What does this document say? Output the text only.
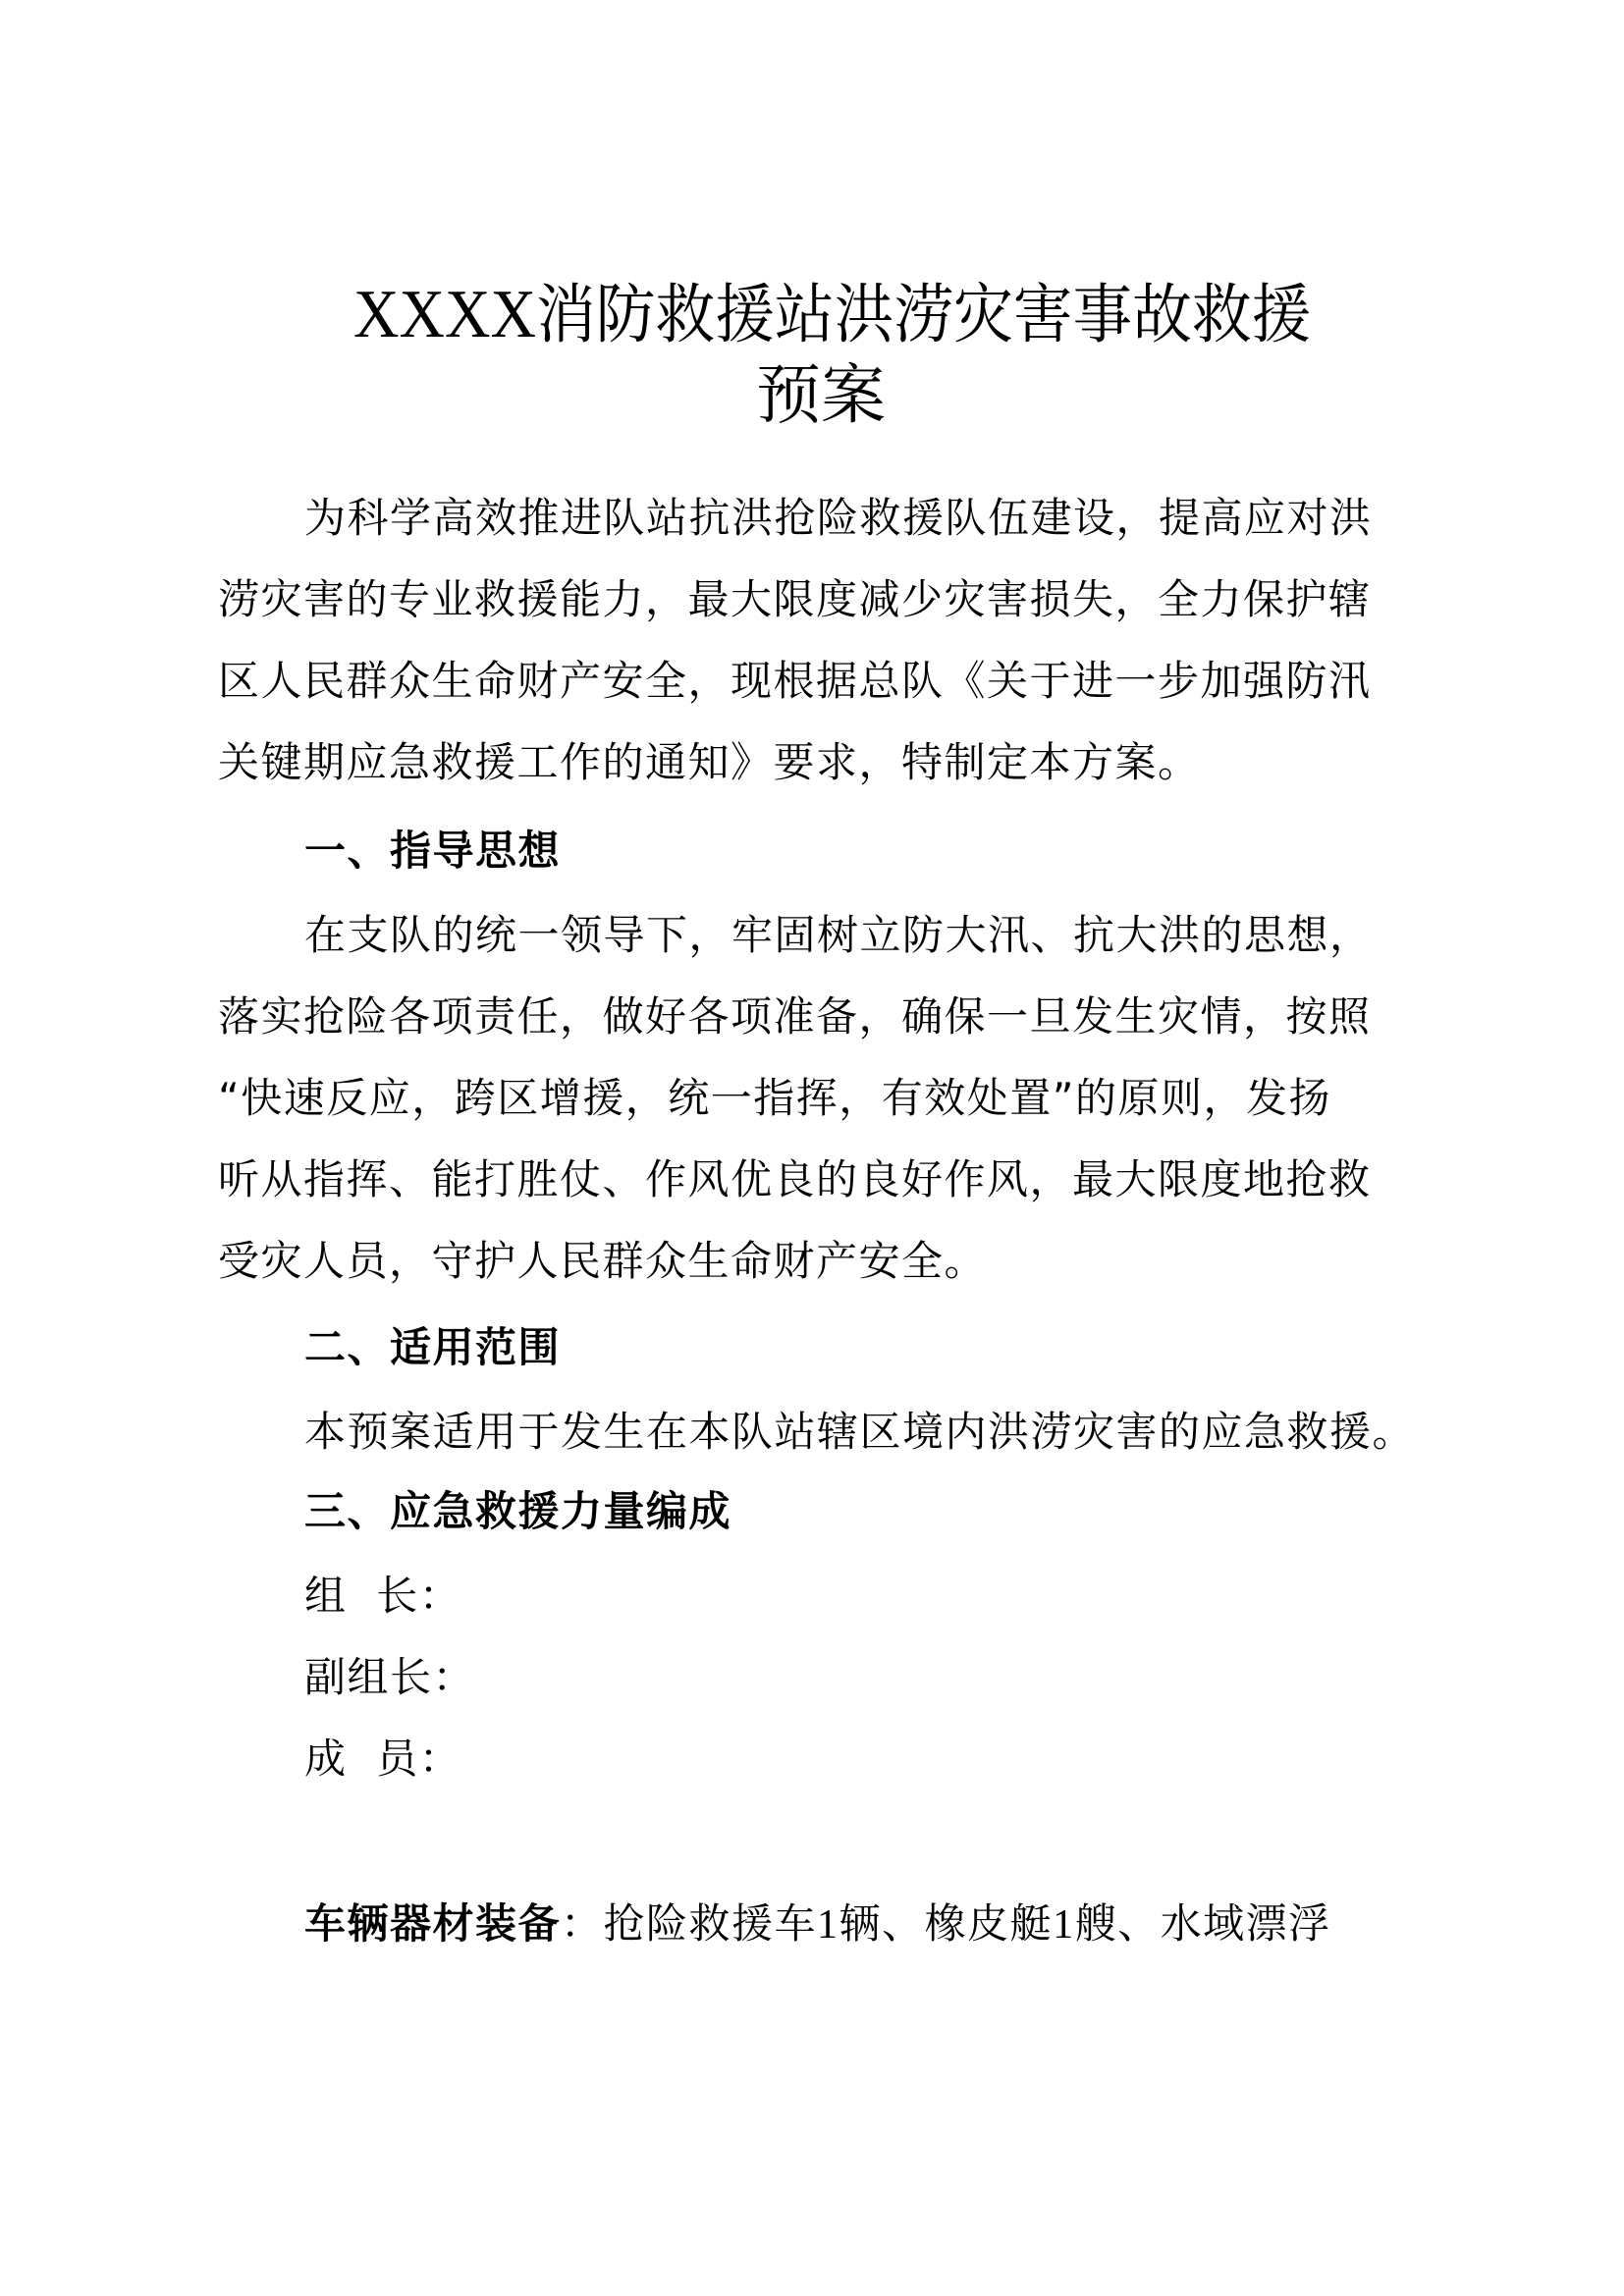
XXXX消防救援站洪涝灾害事故救援
预案
为科学高效推进队站抗洪抢险救援队伍建设，提高应对洪
涝灾害的专业救援能力，最大限度减少灾害损失，全力保护辖
区人民群众生命财产安全，现根据总队《关于进一步加强防汛
关键期应急救援工作的通知》要求，特制定本方案。
一、指导思想
在支队的统一领导下，牢固树立防大汛、抗大洪的思想，
落实抢险各项责任，做好各项准备，确保一旦发生灾情，按照
“快速反应，跨区增援，统一指挥，有效处置”的原则，发扬
听从指挥、能打胜仗、作风优良的良好作风，最大限度地抢救
受灾人员，守护人民群众生命财产安全。
二、适用范围
本预案适用于发生在本队站辖区境内洪涝灾害的应急救援。
三、应急救援力量编成
组  长：
副组长：
成  员：
车辆器材装备：抢险救援车1辆、橡皮艇1艘、水域漂浮
